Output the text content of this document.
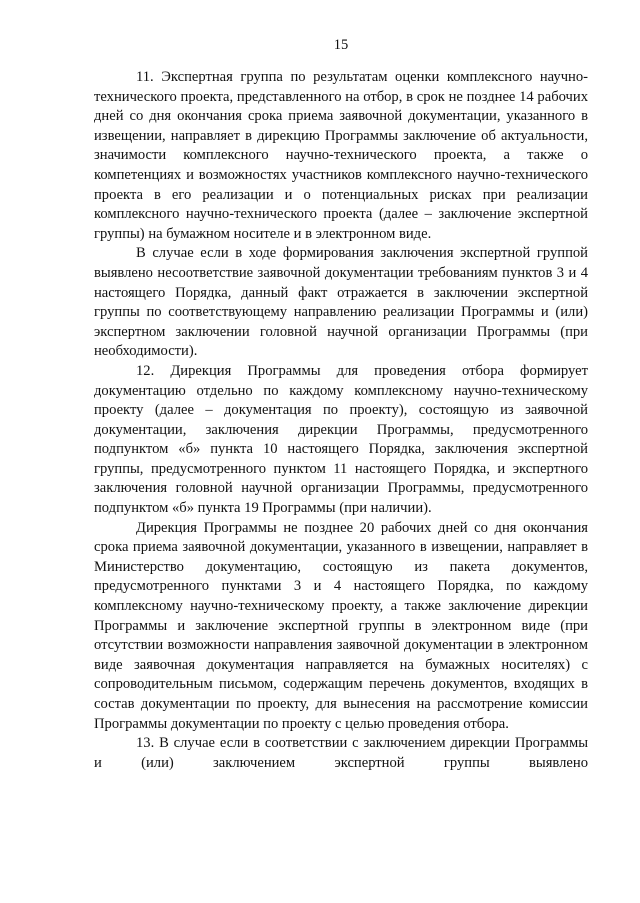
15

11. Экспертная группа по результатам оценки комплексного научно-технического проекта, представленного на отбор, в срок не позднее 14 рабочих дней со дня окончания срока приема заявочной документации, указанного в извещении, направляет в дирекцию Программы заключение об актуальности, значимости комплексного научно-технического проекта, а также о компетенциях и возможностях участников комплексного научно-технического проекта в его реализации и о потенциальных рисках при реализации комплексного научно-технического проекта (далее – заключение экспертной группы) на бумажном носителе и в электронном виде.

В случае если в ходе формирования заключения экспертной группой выявлено несоответствие заявочной документации требованиям пунктов 3 и 4 настоящего Порядка, данный факт отражается в заключении экспертной группы по соответствующему направлению реализации Программы и (или) экспертном заключении головной научной организации Программы (при необходимости).

12. Дирекция Программы для проведения отбора формирует документацию отдельно по каждому комплексному научно-техническому проекту (далее – документация по проекту), состоящую из заявочной документации, заключения дирекции Программы, предусмотренного подпунктом «б» пункта 10 настоящего Порядка, заключения экспертной группы, предусмотренного пунктом 11 настоящего Порядка, и экспертного заключения головной научной организации Программы, предусмотренного подпунктом «б» пункта 19 Программы (при наличии).

Дирекция Программы не позднее 20 рабочих дней со дня окончания срока приема заявочной документации, указанного в извещении, направляет в Министерство документацию, состоящую из пакета документов, предусмотренного пунктами 3 и 4 настоящего Порядка, по каждому комплексному научно-техническому проекту, а также заключение дирекции Программы и заключение экспертной группы в электронном виде (при отсутствии возможности направления заявочной документации в электронном виде заявочная документация направляется на бумажных носителях) с сопроводительным письмом, содержащим перечень документов, входящих в состав документации по проекту, для вынесения на рассмотрение комиссии Программы документации по проекту с целью проведения отбора.

13. В случае если в соответствии с заключением дирекции Программы и (или) заключением экспертной группы выявлено
